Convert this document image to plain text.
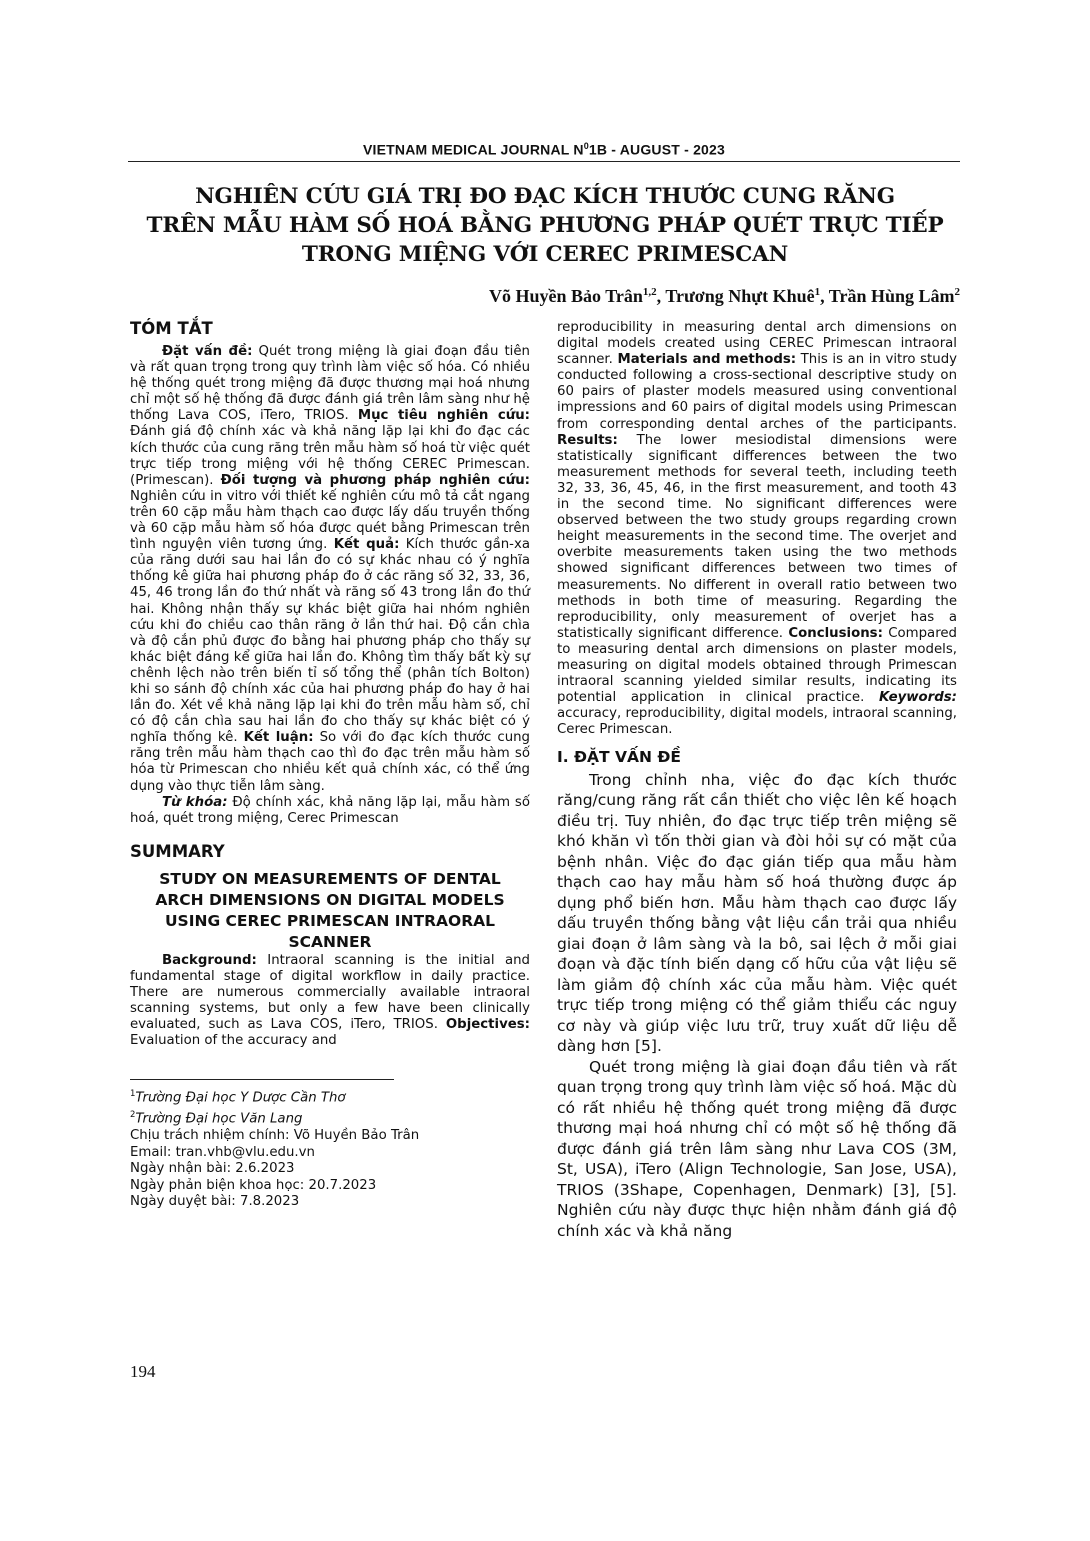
VIETNAM MEDICAL JOURNAL $N^01B$ - AUGUST - 2023
NGHIÊN CỨU GIÁ TRỊ ĐO ĐẠC KÍCH THƯỚC CUNG RĂNG
TRÊN MẪU HÀM SỐ HOÁ BẰNG PHƯƠNG PHÁP QUÉT TRỰC TIẾP
TRONG MIỆNG VỚI CEREC PRIMESCAN
Võ Huyền Bảo Trân$^{1,2}$, Trương Nhựt Khuê$^1$, Trần Hùng Lâm$^2$
TÓM TẮT

Đặt vấn đề: Quét trong miệng là giai đoạn đầu tiên và rất quan trọng trong quy trình làm việc số hóa. Có nhiều hệ thống quét trong miệng đã được thương mại hoá nhưng chỉ một số hệ thống đã được đánh giá trên lâm sàng như hệ thống Lava COS, iTero, TRIOS. Mục tiêu nghiên cứu: Đánh giá độ chính xác và khả năng lặp lại khi đo đạc các kích thước của cung răng trên mẫu hàm số hoá từ việc quét trực tiếp trong miệng với hệ thống CEREC Primescan. (Primescan). Đối tượng và phương pháp nghiên cứu: Nghiên cứu in vitro với thiết kế nghiên cứu mô tả cắt ngang trên 60 cặp mẫu hàm thạch cao được lấy dấu truyền thống và 60 cặp mẫu hàm số hóa được quét bằng Primescan trên tình nguyện viên tương ứng. Kết quả: Kích thước gần-xa của răng dưới sau hai lần đo có sự khác nhau có ý nghĩa thống kê giữa hai phương pháp đo ở các răng số 32, 33, 36, 45, 46 trong lần đo thứ nhất và răng số 43 trong lần đo thứ hai. Không nhận thấy sự khác biệt giữa hai nhóm nghiên cứu khi đo chiều cao thân răng ở lần thứ hai. Độ cắn chìa và độ cắn phủ được đo bằng hai phương pháp cho thấy sự khác biệt đáng kể giữa hai lần đo. Không tìm thấy bất kỳ sự chênh lệch nào trên biến tỉ số tổng thể (phân tích Bolton) khi so sánh độ chính xác của hai phương pháp đo hay ở hai lần đo. Xét về khả năng lặp lại khi đo trên mẫu hàm số, chỉ có độ cắn chìa sau hai lần đo cho thấy sự khác biệt có ý nghĩa thống kê. Kết luận: So với đo đạc kích thước cung răng trên mẫu hàm thạch cao thì đo đạc trên mẫu hàm số hóa từ Primescan cho nhiều kết quả chính xác, có thể ứng dụng vào thực tiễn lâm sàng.

Từ khóa: Độ chính xác, khả năng lặp lại, mẫu hàm số hoá, quét trong miệng, Cerec Primescan

SUMMARY
STUDY ON MEASUREMENTS OF DENTAL ARCH DIMENSIONS ON DIGITAL MODELS USING CEREC PRIMESCAN INTRAORAL SCANNER

Background: Intraoral scanning is the initial and fundamental stage of digital workflow in daily practice. There are numerous commercially available intraoral scanning systems, but only a few have been clinically evaluated, such as Lava COS, iTero, TRIOS. Objectives: Evaluation of the accuracy and

$^1$Trường Đại học Y Dược Cần Thơ

$^2$Trường Đại học Văn Lang

Chịu trách nhiệm chính: Võ Huyền Bảo Trân

Email: tran.vhb@vlu.edu.vn

Ngày nhận bài: 2.6.2023

Ngày phản biện khoa học: 20.7.2023

Ngày duyệt bài: 7.8.2023

194

reproducibility in measuring dental arch dimensions on digital models created using CEREC Primescan intraoral scanner. Materials and methods: This is an in vitro study conducted following a cross-sectional descriptive study on 60 pairs of plaster models measured using conventional impressions and 60 pairs of digital models using Primescan from corresponding dental arches of the participants. Results: The lower mesiodistal dimensions were statistically significant differences between the two measurement methods for several teeth, including teeth 32, 33, 36, 45, 46, in the first measurement, and tooth 43 in the second time. No significant differences were observed between the two study groups regarding crown height measurements in the second time. The overjet and overbite measurements taken using the two methods showed significant differences between two times of measurements. No different in overall ratio between two methods in both time of measuring. Regarding the reproducibility, only measurement of overjet has a statistically significant difference. Conclusions: Compared to measuring dental arch dimensions on plaster models, measuring on digital models obtained through Primescan intraoral scanning yielded similar results, indicating its potential application in clinical practice. Keywords: accuracy, reproducibility, digital models, intraoral scanning, Cerec Primescan.

I. ĐẶT VẤN ĐỀ

Trong chỉnh nha, việc đo đạc kích thước răng/cung răng rất cần thiết cho việc lên kế hoạch điều trị. Tuy nhiên, đo đạc trực tiếp trên miệng sẽ khó khăn vì tốn thời gian và đòi hỏi sự có mặt của bệnh nhân. Việc đo đạc gián tiếp qua mẫu hàm thạch cao hay mẫu hàm số hoá thường được áp dụng phổ biến hơn. Mẫu hàm thạch cao được lấy dấu truyền thống bằng vật liệu cần trải qua nhiều giai đoạn ở lâm sàng và la bô, sai lệch ở mỗi giai đoạn và đặc tính biến dạng cố hữu của vật liệu sẽ làm giảm độ chính xác của mẫu hàm. Việc quét trực tiếp trong miệng có thể giảm thiểu các nguy cơ này và giúp việc lưu trữ, truy xuất dữ liệu dễ dàng hơn [5].

Quét trong miệng là giai đoạn đầu tiên và rất quan trọng trong quy trình làm việc số hoá. Mặc dù có rất nhiều hệ thống quét trong miệng đã được thương mại hoá nhưng chỉ có một số hệ thống đã được đánh giá trên lâm sàng như Lava COS (3M, St, USA), iTero (Align Technologie, San Jose, USA), TRIOS (3Shape, Copenhagen, Denmark) [3], [5]. Nghiên cứu này được thực hiện nhằm đánh giá độ chính xác và khả năng
